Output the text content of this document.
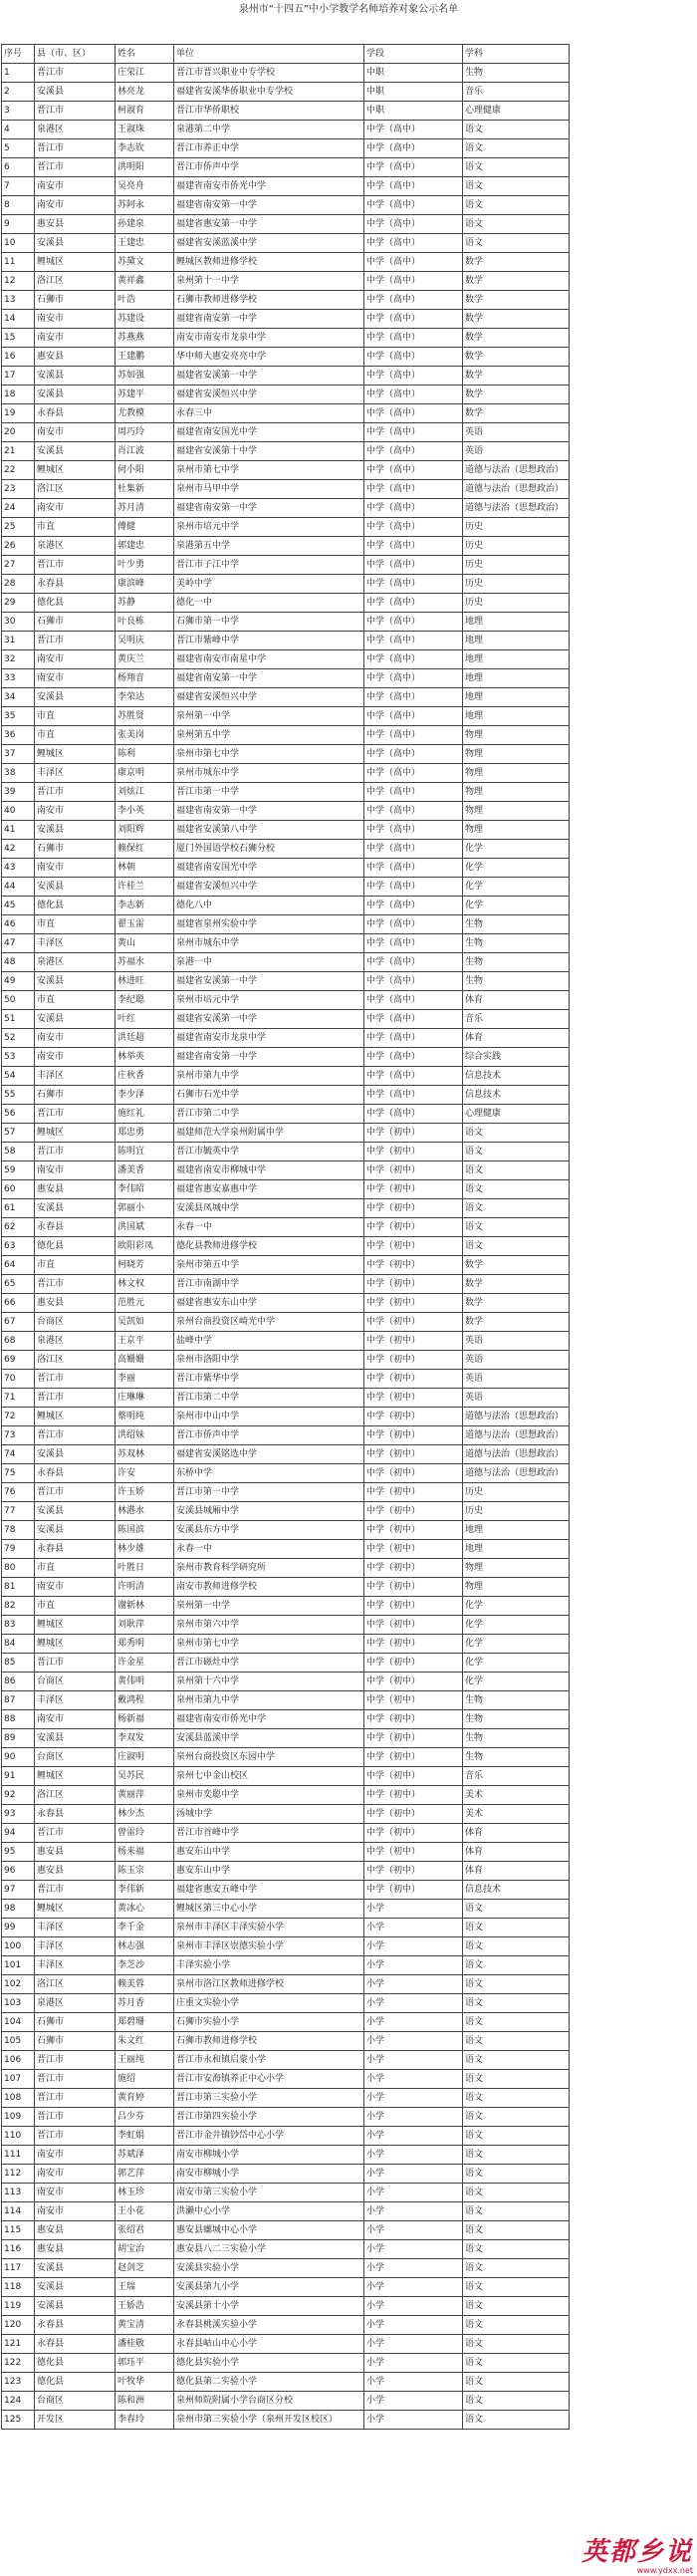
泉州市“十四五”中小学教学名师培养对象公示名单
序号	县（市、区）	姓名	单位	学段	学科
1	晋江市	庄荣江	晋江市晋兴职业中专学校	中职	生物
2	安溪县	林亮龙	福建省安溪华侨职业中专学校	中职	音乐
3	晋江市	柯淑育	晋江市华侨职校	中职	心理健康
4	泉港区	王淑珠	泉港第二中学	中学（高中）	语文
5	晋江市	李志钦	晋江市养正中学	中学（高中）	语文
6	晋江市	洪明阳	晋江市侨声中学	中学（高中）	语文
7	南安市	吴亮舟	福建省南安市侨光中学	中学（高中）	语文
8	南安市	苏阿永	福建省南安第一中学	中学（高中）	语文
9	惠安县	孙建泉	福建省惠安第一中学	中学（高中）	语文
10	安溪县	王建忠	福建省安溪蓝溪中学	中学（高中）	语文
11	鲤城区	苏黛文	鲤城区教师进修学校	中学（高中）	数学
12	洛江区	黄祥鑫	泉州第十一中学	中学（高中）	数学
13	石狮市	叶浩	石狮市教师进修学校	中学（高中）	数学
14	南安市	苏建设	福建省南安第一中学	中学（高中）	数学
15	南安市	苏燕燕	南安市南安市龙泉中学	中学（高中）	数学
16	惠安县	王建鹏	华中师大惠安亮亮中学	中学（高中）	数学
17	安溪县	苏如强	福建省安溪第一中学	中学（高中）	数学
18	安溪县	苏建平	福建省安溪恒兴中学	中学（高中）	数学
19	永春县	尤教模	永春三中	中学（高中）	数学
20	南安市	周巧玲	福建省南安国光中学	中学（高中）	英语
21	安溪县	肖江波	福建省安溪第十中学	中学（高中）	英语
22	鲤城区	何小阳	泉州市第七中学	中学（高中）	道德与法治（思想政治）
23	洛江区	杜集新	泉州市马甲中学	中学（高中）	道德与法治（思想政治）
24	南安市	苏月清	福建省南安第一中学	中学（高中）	道德与法治（思想政治）
25	市直	傅健	泉州市培元中学	中学（高中）	历史
26	泉港区	郭建忠	泉港第五中学	中学（高中）	历史
27	晋江市	叶少勇	晋江市子江中学	中学（高中）	历史
28	永春县	康滨峰	美岭中学	中学（高中）	历史
29	德化县	苏静	德化一中	中学（高中）	历史
30	石狮市	叶良栋	石狮市第一中学	中学（高中）	地理
31	晋江市	吴明庆	晋江市紫峰中学	中学（高中）	地理
32	南安市	黄庆兰	福建省南安市南星中学	中学（高中）	地理
33	南安市	杨翔音	福建省南安第一中学	中学（高中）	地理
34	安溪县	李荣达	福建省安溪恒兴中学	中学（高中）	地理
35	市直	苏胜贤	泉州第一中学	中学（高中）	地理
36	市直	张美岗	泉州第五中学	中学（高中）	物理
37	鲤城区	陈利	泉州市第七中学	中学（高中）	物理
38	丰泽区	康京明	泉州市城东中学	中学（高中）	物理
39	晋江市	刘炫江	晋江市第一中学	中学（高中）	物理
40	南安市	李小英	福建省南安第一中学	中学（高中）	物理
41	安溪县	刘阳辉	福建省安溪第八中学	中学（高中）	物理
42	石狮市	赖保红	厦门外国语学校石狮分校	中学（高中）	化学
43	南安市	林朝	福建省南安国光中学	中学（高中）	化学
44	安溪县	许桂兰	福建省安溪恒兴中学	中学（高中）	化学
45	德化县	李志新	德化八中	中学（高中）	化学
46	市直	翟玉雷	福建省泉州实验中学	中学（高中）	生物
47	丰泽区	黄山	泉州市城东中学	中学（高中）	生物
48	泉港区	苏福水	泉港一中	中学（高中）	生物
49	安溪县	林进旺	福建省安溪第一中学	中学（高中）	生物
50	市直	李纪聪	泉州市培元中学	中学（高中）	体育
51	安溪县	叶红	福建省安溪第一中学	中学（高中）	音乐
52	南安市	洪廷超	福建省南安市龙泉中学	中学（高中）	体育
53	南安市	林举英	福建省南安第一中学	中学（高中）	综合实践
54	丰泽区	庄秋香	泉州市第九中学	中学（高中）	信息技术
55	石狮市	李少泽	石狮市石光中学	中学（高中）	信息技术
56	晋江市	施红礼	晋江市第二中学	中学（高中）	心理健康
57	鲤城区	郑忠勇	福建师范大学泉州附属中学	中学（初中）	语文
58	晋江市	陈明宜	晋江市毓英中学	中学（初中）	语文
59	南安市	潘美香	福建省南安市柳城中学	中学（初中）	语文
60	惠安县	李伟昭	福建省惠安嘉惠中学	中学（初中）	语文
61	安溪县	郭丽小	安溪县凤城中学	中学（初中）	语文
62	永春县	洪国斌	永春一中	中学（初中）	语文
63	德化县	欧阳彩凤	德化县教师进修学校	中学（初中）	语文
64	市直	柯晓芳	泉州市第五中学	中学（初中）	数学
65	晋江市	林文权	晋江市南湖中学	中学（初中）	数学
66	惠安县	范胜元	福建省惠安东山中学	中学（初中）	数学
67	台商区	吴凯如	泉州台商投资区崎光中学	中学（初中）	数学
68	泉港区	王京平	盐峰中学	中学（初中）	英语
69	洛江区	高姗姗	泉州市洛阳中学	中学（初中）	英语
70	晋江市	李丽	晋江市紫华中学	中学（初中）	英语
71	晋江市	庄琳琳	晋江市第二中学	中学（初中）	英语
72	鲤城区	蔡明纯	泉州市中山中学	中学（初中）	道德与法治（思想政治）
73	晋江市	洪绍妹	晋江市侨声中学	中学（初中）	道德与法治（思想政治）
74	安溪县	苏双林	福建省安溪铭选中学	中学（初中）	道德与法治（思想政治）
75	永春县	许安	东桥中学	中学（初中）	道德与法治（思想政治）
76	晋江市	许玉娇	晋江市第一中学	中学（初中）	历史
77	安溪县	林港水	安溪县城厢中学	中学（初中）	历史
78	安溪县	陈国滨	安溪县东方中学	中学（初中）	地理
79	永春县	林少雄	永春一中	中学（初中）	地理
80	市直	叶胜日	泉州市教育科学研究所	中学（初中）	物理
81	南安市	许明清	南安市教师进修学校	中学（初中）	物理
82	市直	谢新林	泉州第一中学	中学（初中）	化学
83	鲤城区	刘耿萍	泉州市第六中学	中学（初中）	化学
84	鲤城区	郑秀明	泉州市第七中学	中学（初中）	化学
85	晋江市	许金星	晋江市磁灶中学	中学（初中）	化学
86	台商区	黄伟明	泉州第十六中学	中学（初中）	化学
87	丰泽区	戴鸿程	泉州市第九中学	中学（初中）	生物
88	南安市	杨新福	福建省南安市侨光中学	中学（初中）	生物
89	安溪县	李双发	安溪县蓝溪中学	中学（初中）	生物
90	台商区	庄淑明	泉州台商投资区东园中学	中学（初中）	生物
91	鲤城区	吴苏民	泉州七中金山校区	中学（初中）	音乐
92	洛江区	黄丽萍	泉州市奕聪中学	中学（初中）	美术
93	永春县	林少杰	汤城中学	中学（初中）	美术
94	晋江市	曾雷玲	晋江市首峰中学	中学（初中）	体育
95	惠安县	杨来福	惠安东山中学	中学（初中）	体育
96	惠安县	陈玉宗	惠安东山中学	中学（初中）	体育
97	晋江市	李伟新	福建省惠安五峰中学	中学（初中）	信息技术
98	鲤城区	黄冰心	鲤城区第三中心小学	小学	语文
99	丰泽区	李千金	泉州市丰泽区丰泽实验小学	小学	语文
100	丰泽区	林志强	泉州市丰泽区崇德实验小学	小学	语文
101	丰泽区	李芝沙	丰泽实验小学	小学	语文
102	洛江区	赖美蓉	泉州市洛江区教师进修学校	小学	语文
103	泉港区	苏月香	庄重文实验小学	小学	语文
104	石狮市	郑碧珊	石狮市实验小学	小学	语文
105	石狮市	朱文红	石狮市教师进修学校	小学	语文
106	晋江市	王丽纯	晋江市永和镇启蒙小学	小学	语文
107	晋江市	施绍	晋江市安海镇养正中心小学	小学	语文
108	晋江市	黄育婷	晋江市第三实验小学	小学	语文
109	晋江市	吕少芬	晋江市第四实验小学	小学	语文
110	晋江市	李虹娟	晋江市金井镇钞岱中心小学	小学	语文
111	南安市	苏斌泽	南安市柳城小学	小学	语文
112	南安市	郭艺萍	南安市柳城小学	小学	语文
113	南安市	林玉珍	南安市第三实验小学	小学	语文
114	南安市	王小花	洪濑中心小学	小学	语文
115	惠安县	张绍君	惠安县螺城中心小学	小学	语文
116	惠安县	胡宝治	惠安县八二三实验小学	小学	语文
117	安溪县	赵剑芝	安溪县实验小学	小学	语文
118	安溪县	王瑞	安溪县第九小学	小学	语文
119	安溪县	王娇浩	安溪县第十小学	小学	语文
120	永春县	黄宝清	永春县桃溪实验小学	小学	语文
121	永春县	潘桂敬	永春县岵山中心小学	小学	语文
122	德化县	郭珏平	德化县实验小学	小学	语文
123	德化县	叶牧华	德化县第二实验小学	小学	语文
124	台商区	陈和洲	泉州师院附属小学台商区分校	小学	语文
125	开发区	李春玲	泉州市第三实验小学（泉州开发区校区）	小学	语文
英都乡说
www.ydxx.net
